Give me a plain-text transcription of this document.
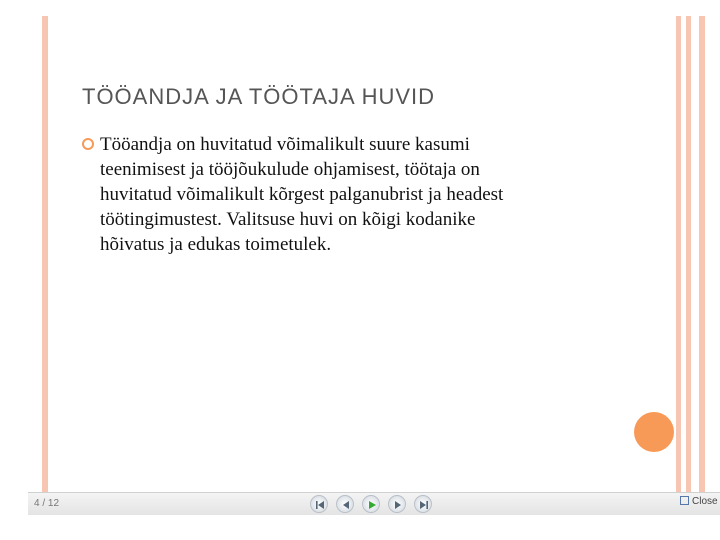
TÖÖANDJA JA TÖÖTAJA HUVID
Tööandja on huvitatud võimalikult suure kasumi
teenimisest ja tööjõukulude ohjamisest, töötaja on
huvitatud võimalikult kõrgest palganubrist ja headest
töötingimustest. Valitsuse huvi on kõigi kodanike
hõivatus ja edukas toimetulek.
4 / 12	Close
